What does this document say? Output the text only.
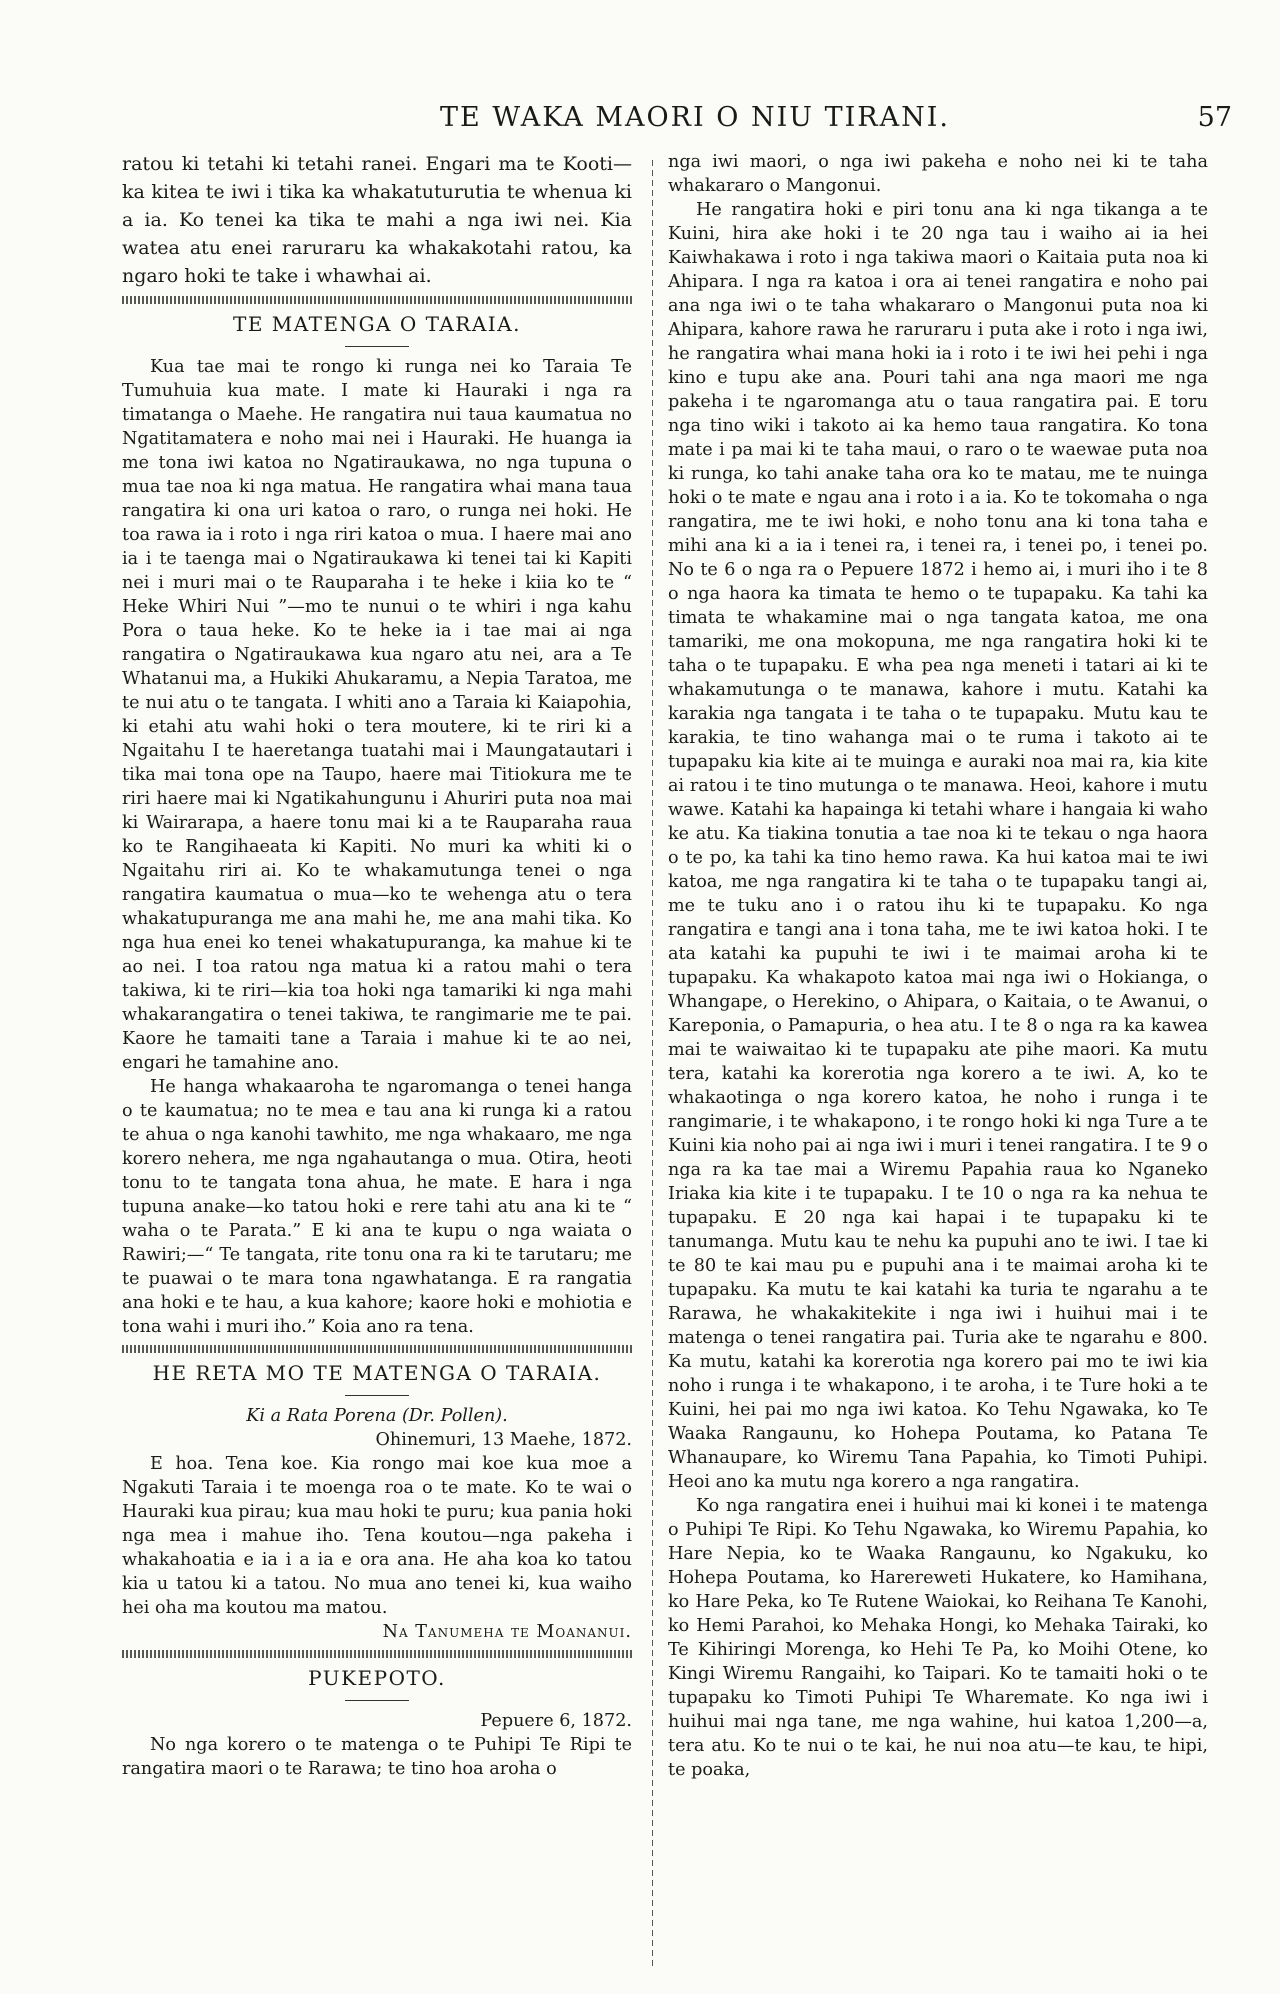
TE WAKA MAORI O NIU TIRANI.	57

ratou ki tetahi ki tetahi ranei. Engari ma te Kooti—ka kitea te iwi i tika ka whakatuturutia te whenua ki a ia. Ko tenei ka tika te mahi a nga iwi nei. Kia watea atu enei raruraru ka whakakotahi ratou, ka ngaro hoki te take i whawhai ai.

TE MATENGA O TARAIA.

Kua tae mai te rongo ki runga nei ko Taraia Te Tumuhuia kua mate. I mate ki Hauraki i nga ra timatanga o Maehe. He rangatira nui taua kaumatua no Ngatitamatera e noho mai nei i Hauraki. He huanga ia me tona iwi katoa no Ngatiraukawa, no nga tupuna o mua tae noa ki nga matua. He rangatira whai mana taua rangatira ki ona uri katoa o raro, o runga nei hoki. He toa rawa ia i roto i nga riri katoa o mua. I haere mai ano ia i te taenga mai o Ngatiraukawa ki tenei tai ki Kapiti nei i muri mai o te Rauparaha i te heke i kiia ko te “ Heke Whiri Nui ”—mo te nunui o te whiri i nga kahu Pora o taua heke. Ko te heke ia i tae mai ai nga rangatira o Ngatiraukawa kua ngaro atu nei, ara a Te Whatanui ma, a Hukiki Ahukaramu, a Nepia Taratoa, me te nui atu o te tangata. I whiti ano a Taraia ki Kaiapohia, ki etahi atu wahi hoki o tera moutere, ki te riri ki a Ngaitahu I te haeretanga tuatahi mai i Maungatautari i tika mai tona ope na Taupo, haere mai Titiokura me te riri haere mai ki Ngatikahungunu i Ahuriri puta noa mai ki Wairarapa, a haere tonu mai ki a te Rauparaha raua ko te Rangihaeata ki Kapiti. No muri ka whiti ki o Ngaitahu riri ai. Ko te whakamutunga tenei o nga rangatira kaumatua o mua—ko te wehenga atu o tera whakatupuranga me ana mahi he, me ana mahi tika. Ko nga hua enei ko tenei whakatupuranga, ka mahue ki te ao nei. I toa ratou nga matua ki a ratou mahi o tera takiwa, ki te riri—kia toa hoki nga tamariki ki nga mahi whakarangatira o tenei takiwa, te rangimarie me te pai. Kaore he tamaiti tane a Taraia i mahue ki te ao nei, engari he tamahine ano.

He hanga whakaaroha te ngaromanga o tenei hanga o te kaumatua; no te mea e tau ana ki runga ki a ratou te ahua o nga kanohi tawhito, me nga whakaaro, me nga korero nehera, me nga ngahautanga o mua. Otira, heoti tonu to te tangata tona ahua, he mate. E hara i nga tupuna anake—ko tatou hoki e rere tahi atu ana ki te “ waha o te Parata.” E ki ana te kupu o nga waiata o Rawiri;—“ Te tangata, rite tonu ona ra ki te tarutaru; me te puawai o te mara tona ngawhatanga. E ra rangatia ana hoki e te hau, a kua kahore; kaore hoki e mohiotia e tona wahi i muri iho.” Koia ano ra tena.

HE RETA MO TE MATENGA O TARAIA.

Ki a Rata Porena (Dr. Pollen).

Ohinemuri, 13 Maehe, 1872.

E hoa. Tena koe. Kia rongo mai koe kua moe a Ngakuti Taraia i te moenga roa o te mate. Ko te wai o Hauraki kua pirau; kua mau hoki te puru; kua pania hoki nga mea i mahue iho. Tena koutou—nga pakeha i whakahoatia e ia i a ia e ora ana. He aha koa ko tatou kia u tatou ki a tatou. No mua ano tenei ki, kua waiho hei oha ma koutou ma matou.

Na Tanumeha te Moananui.

PUKEPOTO.

Pepuere 6, 1872.

No nga korero o te matenga o te Puhipi Te Ripi te rangatira maori o te Rarawa; te tino hoa aroha o

nga iwi maori, o nga iwi pakeha e noho nei ki te taha whakararo o Mangonui.

He rangatira hoki e piri tonu ana ki nga tikanga a te Kuini, hira ake hoki i te 20 nga tau i waiho ai ia hei Kaiwhakawa i roto i nga takiwa maori o Kaitaia puta noa ki Ahipara. I nga ra katoa i ora ai tenei rangatira e noho pai ana nga iwi o te taha whakararo o Mangonui puta noa ki Ahipara, kahore rawa he raruraru i puta ake i roto i nga iwi, he rangatira whai mana hoki ia i roto i te iwi hei pehi i nga kino e tupu ake ana. Pouri tahi ana nga maori me nga pakeha i te ngaromanga atu o taua rangatira pai. E toru nga tino wiki i takoto ai ka hemo taua rangatira. Ko tona mate i pa mai ki te taha maui, o raro o te waewae puta noa ki runga, ko tahi anake taha ora ko te matau, me te nuinga hoki o te mate e ngau ana i roto i a ia. Ko te tokomaha o nga rangatira, me te iwi hoki, e noho tonu ana ki tona taha e mihi ana ki a ia i tenei ra, i tenei ra, i tenei po, i tenei po. No te 6 o nga ra o Pepuere 1872 i hemo ai, i muri iho i te 8 o nga haora ka timata te hemo o te tupapaku. Ka tahi ka timata te whakamine mai o nga tangata katoa, me ona tamariki, me ona mokopuna, me nga rangatira hoki ki te taha o te tupapaku. E wha pea nga meneti i tatari ai ki te whakamutunga o te manawa, kahore i mutu. Katahi ka karakia nga tangata i te taha o te tupapaku. Mutu kau te karakia, te tino wahanga mai o te ruma i takoto ai te tupapaku kia kite ai te muinga e auraki noa mai ra, kia kite ai ratou i te tino mutunga o te manawa. Heoi, kahore i mutu wawe. Katahi ka hapainga ki tetahi whare i hangaia ki waho ke atu. Ka tiakina tonutia a tae noa ki te tekau o nga haora o te po, ka tahi ka tino hemo rawa. Ka hui katoa mai te iwi katoa, me nga rangatira ki te taha o te tupapaku tangi ai, me te tuku ano i o ratou ihu ki te tupapaku. Ko nga rangatira e tangi ana i tona taha, me te iwi katoa hoki. I te ata katahi ka pupuhi te iwi i te maimai aroha ki te tupapaku. Ka whakapoto katoa mai nga iwi o Hokianga, o Whangape, o Herekino, o Ahipara, o Kaitaia, o te Awanui, o Kareponia, o Pamapuria, o hea atu. I te 8 o nga ra ka kawea mai te waiwaitao ki te tupapaku ate pihe maori. Ka mutu tera, katahi ka korerotia nga korero a te iwi. A, ko te whakaotinga o nga korero katoa, he noho i runga i te rangimarie, i te whakapono, i te rongo hoki ki nga Ture a te Kuini kia noho pai ai nga iwi i muri i tenei rangatira. I te 9 o nga ra ka tae mai a Wiremu Papahia raua ko Nganeko Iriaka kia kite i te tupapaku. I te 10 o nga ra ka nehua te tupapaku. E 20 nga kai hapai i te tupapaku ki te tanumanga. Mutu kau te nehu ka pupuhi ano te iwi. I tae ki te 80 te kai mau pu e pupuhi ana i te maimai aroha ki te tupapaku. Ka mutu te kai katahi ka turia te ngarahu a te Rarawa, he whakakitekite i nga iwi i huihui mai i te matenga o tenei rangatira pai. Turia ake te ngarahu e 800. Ka mutu, katahi ka korerotia nga korero pai mo te iwi kia noho i runga i te whakapono, i te aroha, i te Ture hoki a te Kuini, hei pai mo nga iwi katoa. Ko Tehu Ngawaka, ko Te Waaka Rangaunu, ko Hohepa Poutama, ko Patana Te Whanaupare, ko Wiremu Tana Papahia, ko Timoti Puhipi. Heoi ano ka mutu nga korero a nga rangatira.

Ko nga rangatira enei i huihui mai ki konei i te matenga o Puhipi Te Ripi. Ko Tehu Ngawaka, ko Wiremu Papahia, ko Hare Nepia, ko te Waaka Rangaunu, ko Ngakuku, ko Hohepa Poutama, ko Harereweti Hukatere, ko Hamihana, ko Hare Peka, ko Te Rutene Waiokai, ko Reihana Te Kanohi, ko Hemi Parahoi, ko Mehaka Hongi, ko Mehaka Tairaki, ko Te Kihiringi Morenga, ko Hehi Te Pa, ko Moihi Otene, ko Kingi Wiremu Rangaihi, ko Taipari. Ko te tamaiti hoki o te tupapaku ko Timoti Puhipi Te Wharemate. Ko nga iwi i huihui mai nga tane, me nga wahine, hui katoa 1,200—a, tera atu. Ko te nui o te kai, he nui noa atu—te kau, te hipi, te poaka,
